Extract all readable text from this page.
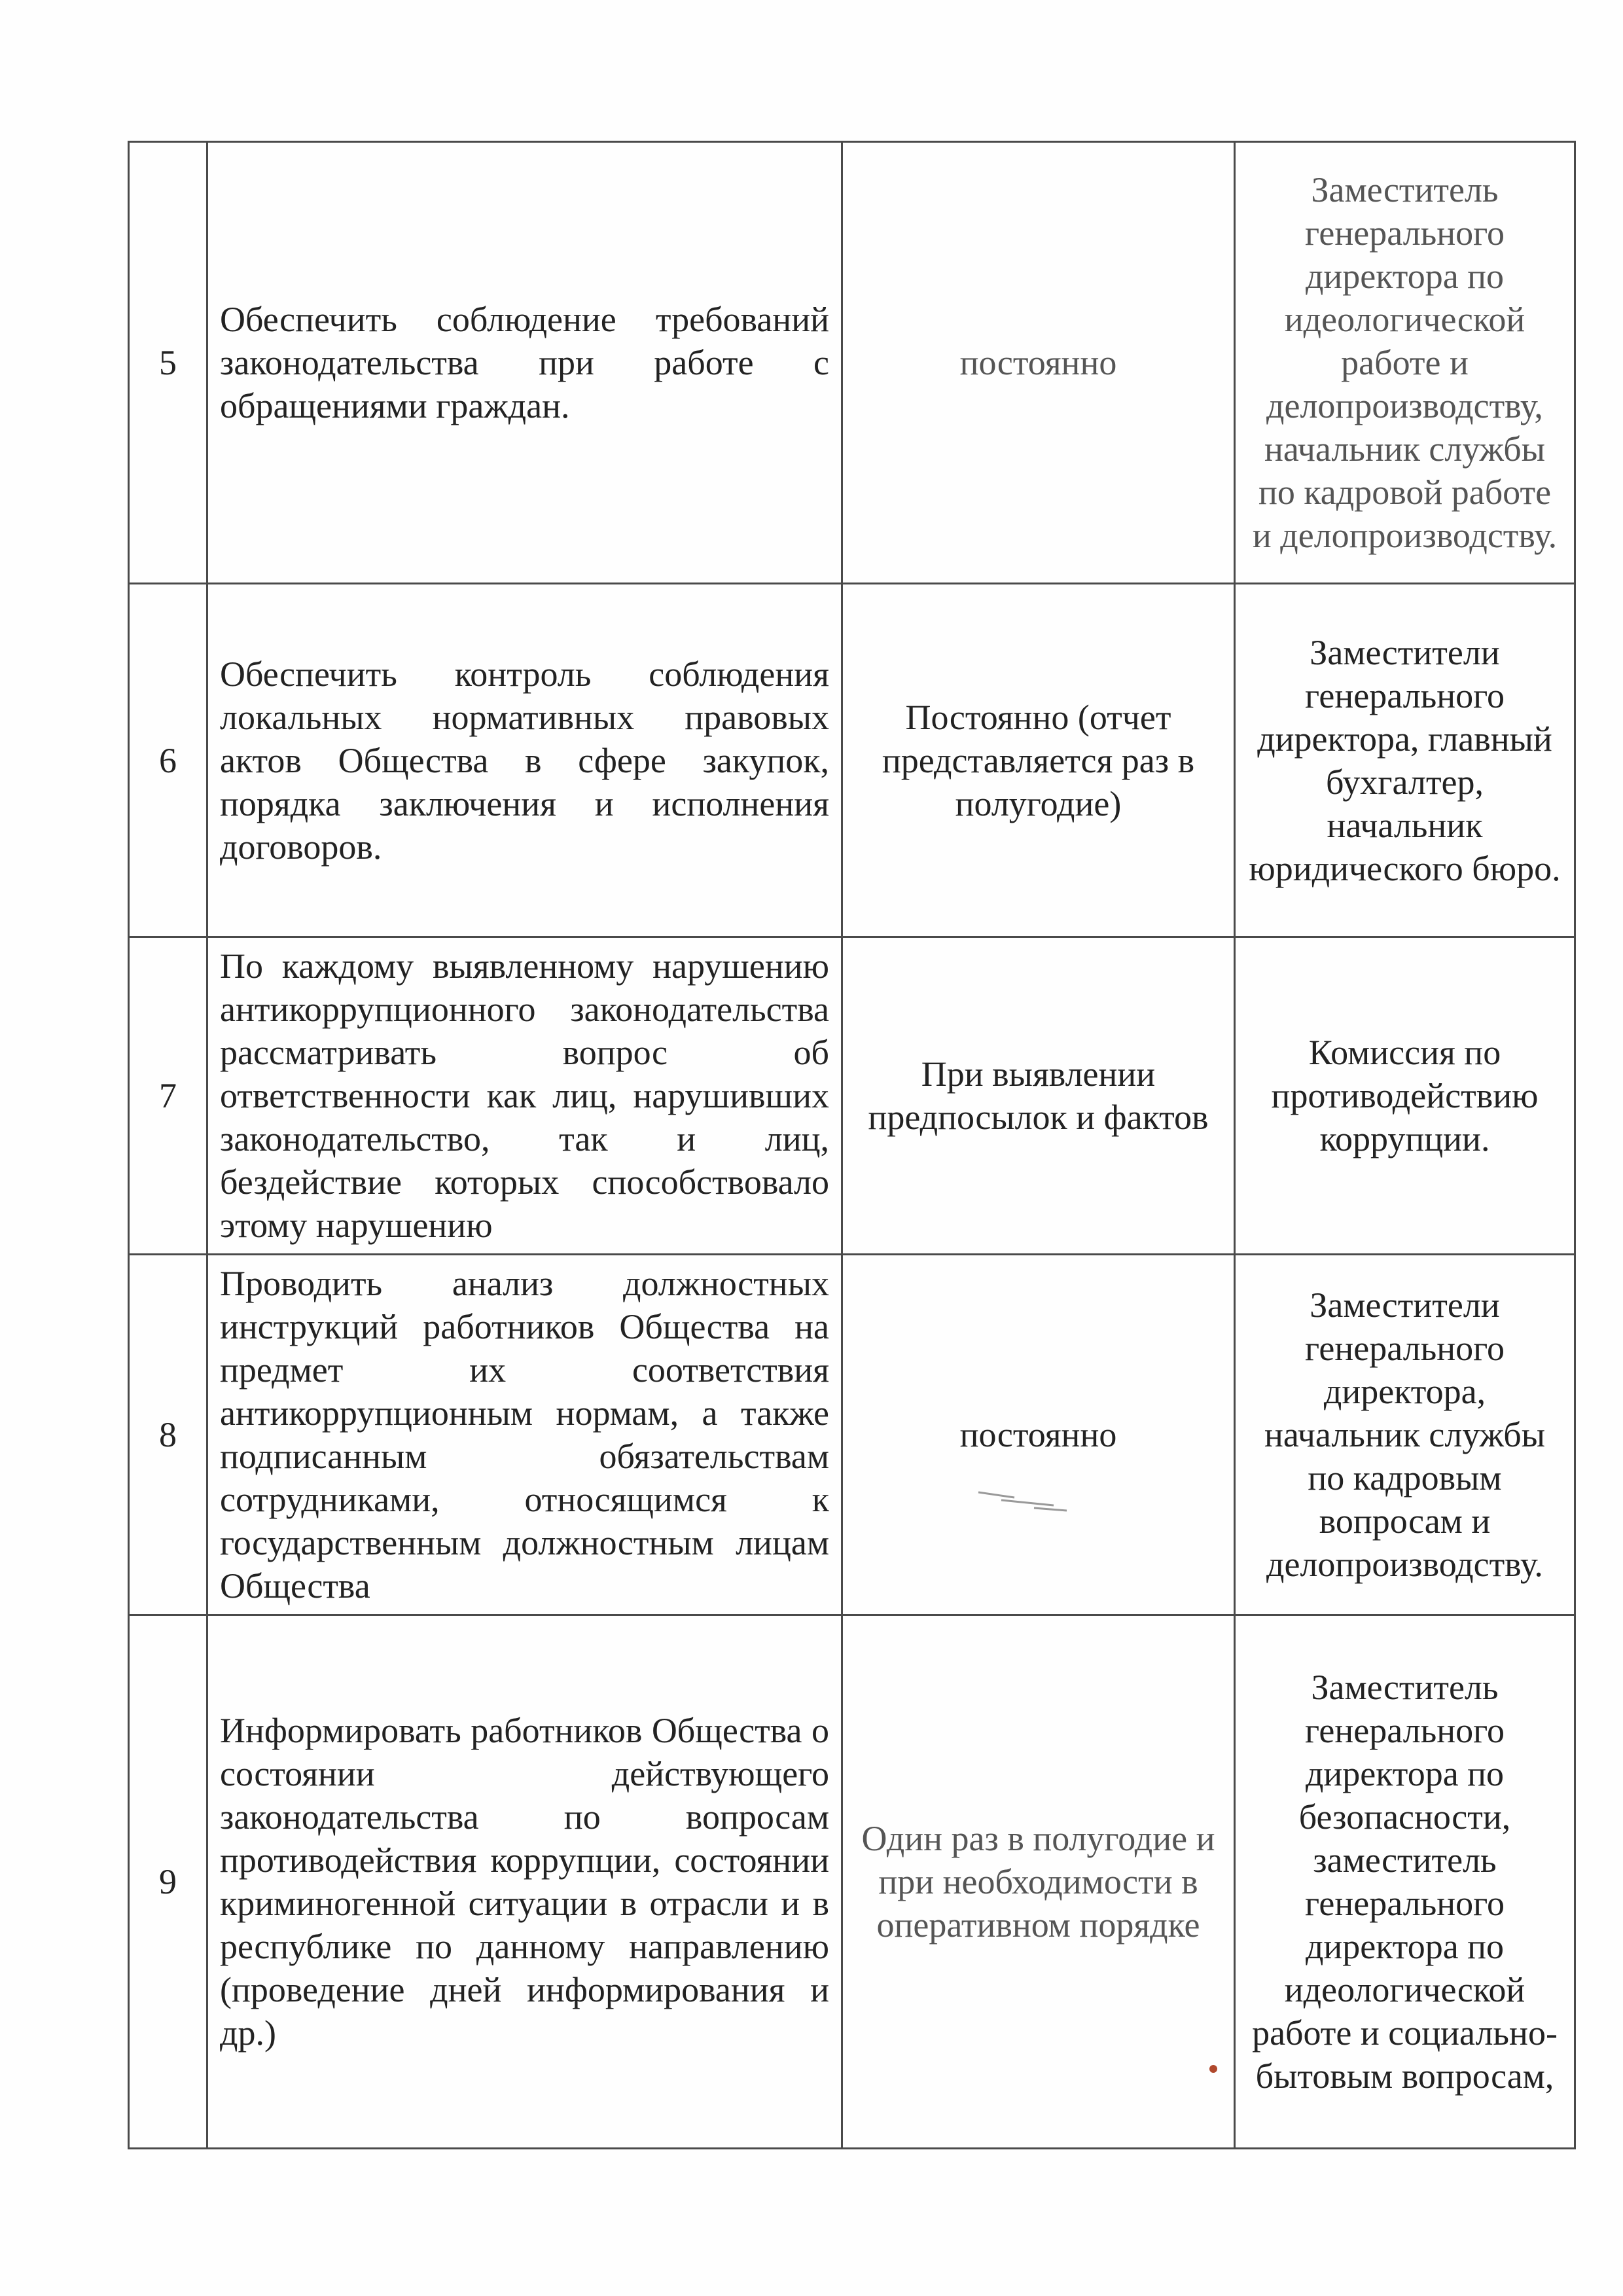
5	Обеспечить соблюдение требований законодательства при работе с обращениями граждан.	постоянно	Заместитель генерального директора по идеологической работе и делопроизводству, начальник службы по кадровой работе и делопроизводству.
6	Обеспечить контроль соблюдения локальных нормативных правовых актов Общества в сфере закупок, порядка заключения и исполнения договоров.	Постоянно (отчет представляется раз в полугодие)	Заместители генерального директора, главный бухгалтер, начальник юридического бюро.
7	По каждому выявленному нарушению антикоррупционного законодательства рассматривать вопрос об ответственности как лиц, нарушивших законодательство, так и лиц, бездействие которых способствовало этому нарушению	При выявлении предпосылок и фактов	Комиссия по противодействию коррупции.
8	Проводить анализ должностных инструкций работников Общества на предмет их соответствия антикоррупционным нормам, а также подписанным обязательствам сотрудниками, относящимся к государственным должностным лицам Общества	постоянно	Заместители генерального директора, начальник службы по кадровым вопросам и делопроизводству.
9	Информировать работников Общества о состоянии действующего законодательства по вопросам противодействия коррупции, состоянии криминогенной ситуации в отрасли и в республике по данному направлению (проведение дней информирования и др.)	Один раз в полугодие и при необходимости в оперативном порядке	Заместитель генерального директора по безопасности, заместитель генерального директора по идеологической работе и социально-бытовым вопросам,
